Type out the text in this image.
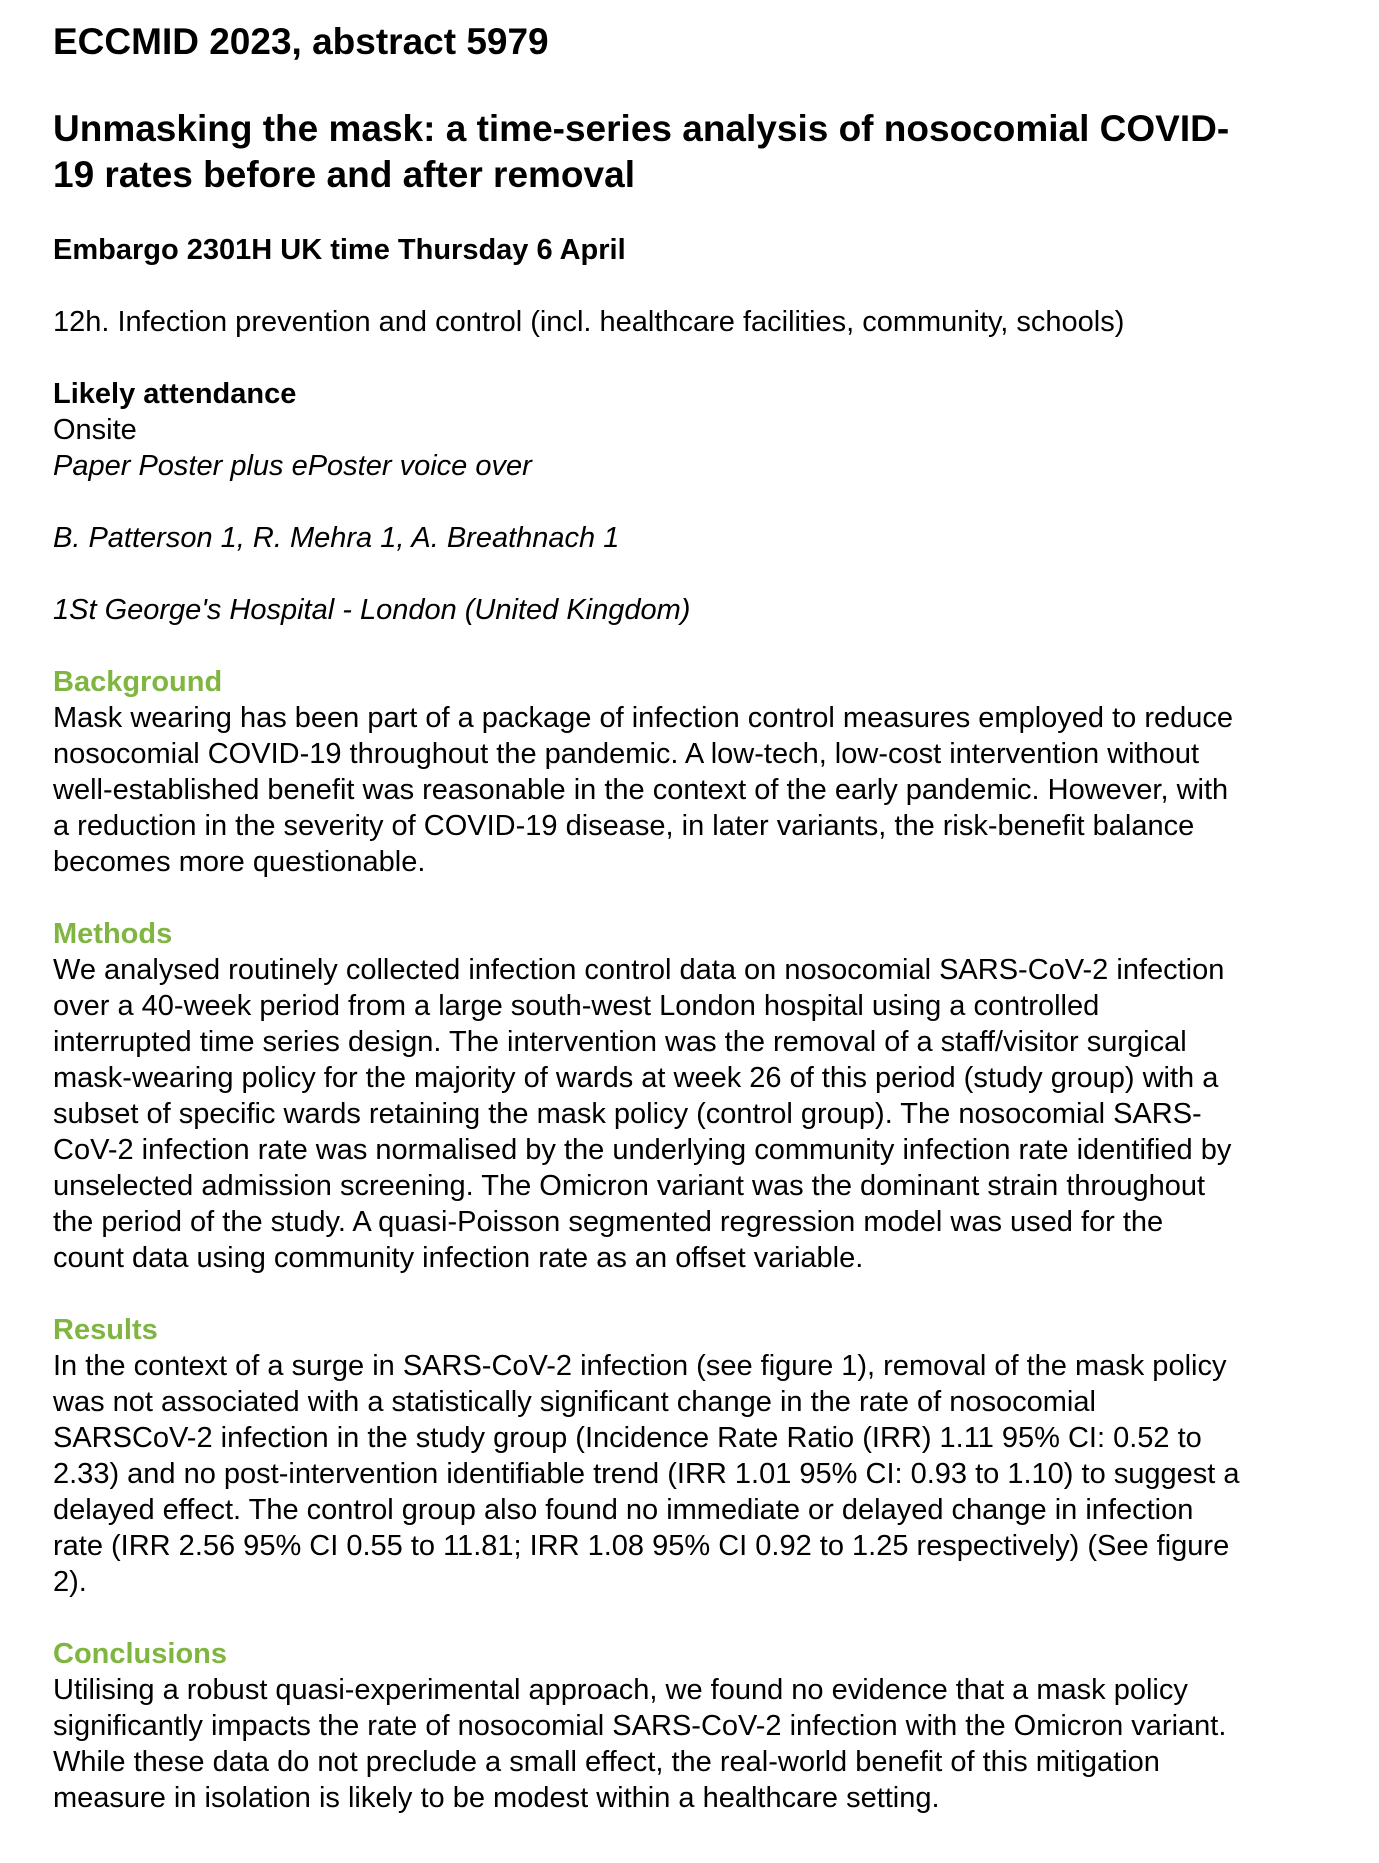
ECCMID 2023, abstract 5979
Unmasking the mask: a time-series analysis of nosocomial COVID-
19 rates before and after removal
Embargo 2301H UK time Thursday 6 April
12h. Infection prevention and control (incl. healthcare facilities, community, schools)
Likely attendance
Onsite
Paper Poster plus ePoster voice over
B. Patterson 1, R. Mehra 1, A. Breathnach 1
1St George's Hospital - London (United Kingdom)
Background
Mask wearing has been part of a package of infection control measures employed to reduce
nosocomial COVID-19 throughout the pandemic. A low-tech, low-cost intervention without
well-established benefit was reasonable in the context of the early pandemic. However, with
a reduction in the severity of COVID-19 disease, in later variants, the risk-benefit balance
becomes more questionable.
Methods
We analysed routinely collected infection control data on nosocomial SARS-CoV-2 infection
over a 40-week period from a large south-west London hospital using a controlled
interrupted time series design. The intervention was the removal of a staff/visitor surgical
mask-wearing policy for the majority of wards at week 26 of this period (study group) with a
subset of specific wards retaining the mask policy (control group). The nosocomial SARS-
CoV-2 infection rate was normalised by the underlying community infection rate identified by
unselected admission screening. The Omicron variant was the dominant strain throughout
the period of the study. A quasi-Poisson segmented regression model was used for the
count data using community infection rate as an offset variable.
Results
In the context of a surge in SARS-CoV-2 infection (see figure 1), removal of the mask policy
was not associated with a statistically significant change in the rate of nosocomial
SARSCoV-2 infection in the study group (Incidence Rate Ratio (IRR) 1.11 95% CI: 0.52 to
2.33) and no post-intervention identifiable trend (IRR 1.01 95% CI: 0.93 to 1.10) to suggest a
delayed effect. The control group also found no immediate or delayed change in infection
rate (IRR 2.56 95% CI 0.55 to 11.81; IRR 1.08 95% CI 0.92 to 1.25 respectively) (See figure
2).
Conclusions
Utilising a robust quasi-experimental approach, we found no evidence that a mask policy
significantly impacts the rate of nosocomial SARS-CoV-2 infection with the Omicron variant.
While these data do not preclude a small effect, the real-world benefit of this mitigation
measure in isolation is likely to be modest within a healthcare setting.
